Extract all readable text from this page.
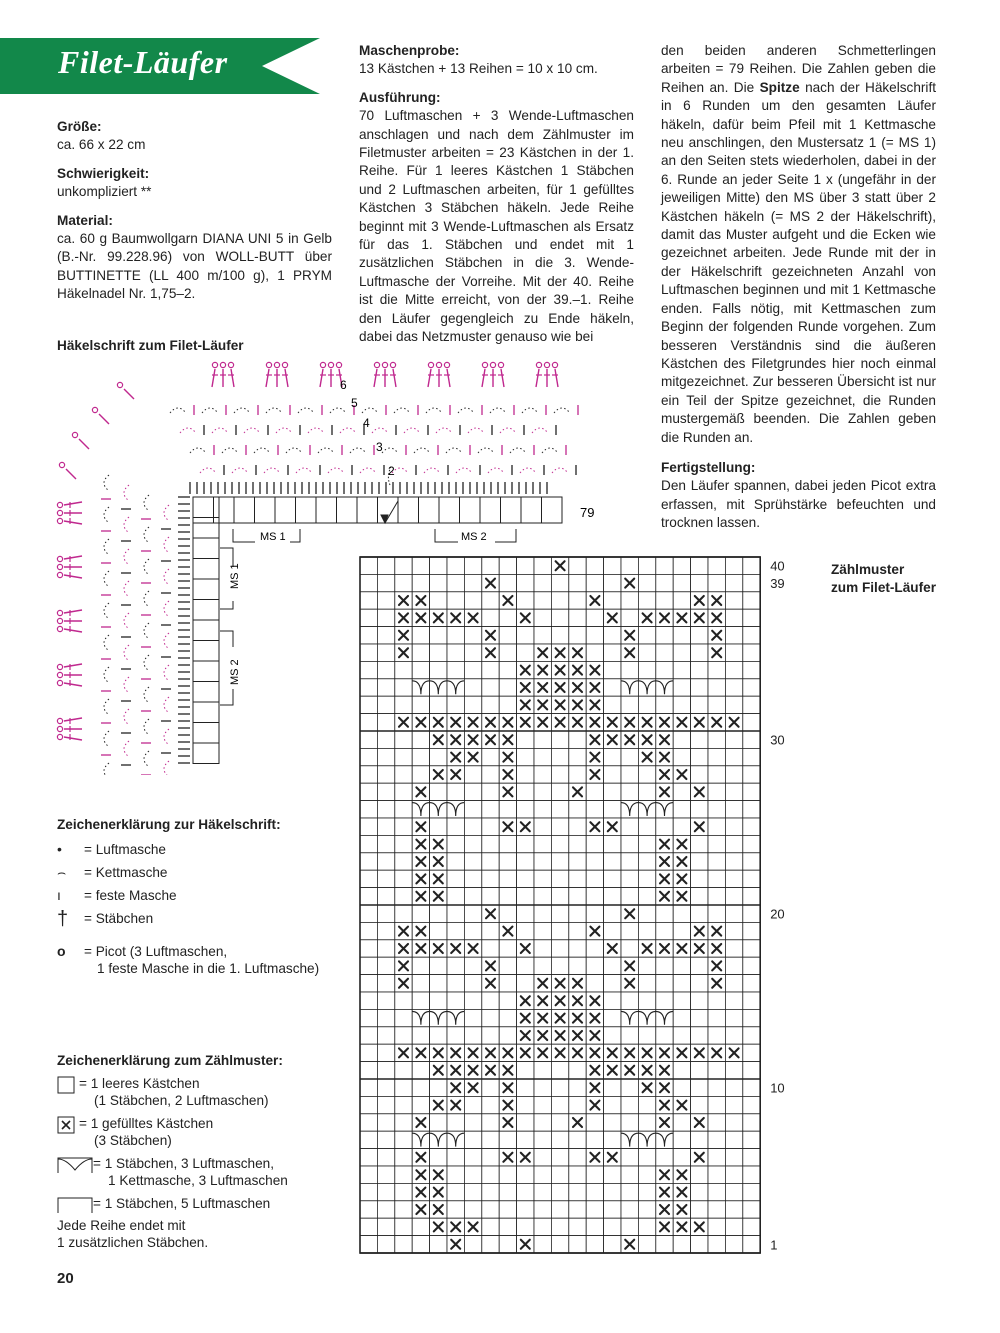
Filet-Läufer
Größe:
ca. 66 x 22 cm
Schwierigkeit:
unkompliziert **
Material:

ca. 60 g Baumwollgarn DIANA UNI 5 in Gelb (B.-Nr. 99.228.96) von WOLL-BUTT über BUTTINETTE (LL 400 m/100 g), 1 PRYM Häkelnadel Nr. 1,75–2.

Häkelschrift zum Filet-Läufer
Maschenprobe:
13 Kästchen + 13 Reihen = 10 x 10 cm.
Ausführung:

70 Luftmaschen + 3 Wende-Luftmaschen anschlagen und nach dem Zählmuster im Filetmuster arbeiten = 23 Kästchen in der 1. Reihe. Für 1 leeres Kästchen 1 Stäbchen und 2 Luftmaschen arbeiten, für 1 gefülltes Kästchen 3 Stäbchen häkeln. Jede Reihe beginnt mit 3 Wende-Luftmaschen als Ersatz für das 1. Stäbchen und endet mit 1 zusätzlichen Stäbchen in die 3. Wende-Luftmasche der Vorreihe. Mit der 40. Reihe ist die Mitte erreicht, von der 39.–1. Reihe den Läufer gegengleich zu Ende häkeln, dabei das Netzmuster genauso wie bei

den beiden anderen Schmetterlingen arbeiten = 79 Reihen. Die Zahlen geben die Reihen an. Die Spitze nach der Häkelschrift in 6 Runden um den gesamten Läufer häkeln, dafür beim Pfeil mit 1 Kettmasche neu anschlingen, den Mustersatz 1 (= MS 1) an den Seiten stets wiederholen, dabei in der 6. Runde an jeder Seite 1 x (ungefähr in der jeweiligen Mitte) den MS über 3 statt über 2 Kästchen häkeln (= MS 2 der Häkelschrift), damit das Muster aufgeht und die Ecken wie gezeichnet arbeiten. Jede Runde mit der in der Häkelschrift gezeichneten Anzahl von Luftmaschen beginnen und mit 1 Kettmasche enden. Falls nötig, mit Kettmaschen zum Beginn der folgenden Runde vorgehen. Zum besseren Verständnis sind die äußeren Kästchen des Filetgrundes hier noch einmal mitgezeichnet. Zur besseren Übersicht ist nur ein Teil der Spitze gezeichnet, die Runden mustergemäß beenden. Die Zahlen geben die Runden an.

Fertigstellung:

Den Läufer spannen, dabei jeden Picot extra erfassen, mit Sprühstärke befeuchten und trocknen lassen.

MS 1	MS 2
MS 1
MS 2
79
2
3
4
5
6
Zeichenerklärung zur Häkelschrift:
• = Luftmasche
⌢ = Kettmasche
ı = feste Masche
† = Stäbchen
o = Picot (3 Luftmaschen,
1 feste Masche in die 1. Luftmasche)
Zeichenerklärung zum Zählmuster:
= 1 leeres Kästchen
(1 Stäbchen, 2 Luftmaschen)
= 1 gefülltes Kästchen
(3 Stäbchen)
= 1 Stäbchen, 3 Luftmaschen,
1 Kettmasche, 3 Luftmaschen
= 1 Stäbchen, 5 Luftmaschen
Jede Reihe endet mit
1 zusätzlichen Stäbchen.
Zählmuster
zum Filet-Läufer
40
39
30
20
10
1
20
